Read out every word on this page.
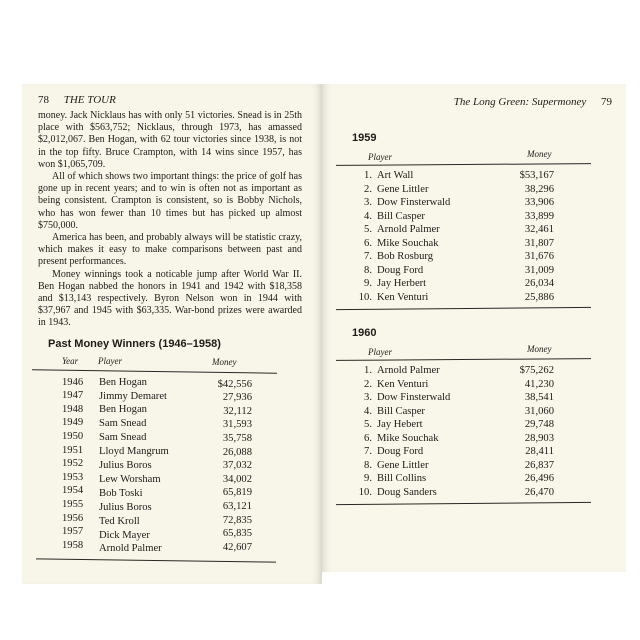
78 THE TOUR

money. Jack Nicklaus has with only 51 victories. Snead is in 25th place with $563,752; Nicklaus, through 1973, has amassed $2,012,067. Ben Hogan, with 62 tour victories since 1938, is not in the top fifty. Bruce Crampton, with 14 wins since 1957, has won $1,065,709.

All of which shows two important things: the price of golf has gone up in recent years; and to win is often not as important as being consistent. Crampton is consistent, so is Bobby Nichols, who has won fewer than 10 times but has picked up almost $750,000.

America has been, and probably always will be statistic crazy, which makes it easy to make comparisons between past and present performances.

Money winnings took a noticable jump after World War II. Ben Hogan nabbed the honors in 1941 and 1942 with $18,358 and $13,143 respectively. Byron Nelson won in 1944 with $37,967 and 1945 with $63,335. War-bond prizes were awarded in 1943.

Past Money Winners (1946–1958)
Year Player	Money
1946 Ben Hogan	$42,556
1947 Jimmy Demaret	27,936
1948 Ben Hogan	32,112
1949 Sam Snead	31,593
1950 Sam Snead	35,758
1951 Lloyd Mangrum	26,088
1952 Julius Boros	37,032
1953 Lew Worsham	34,002
1954 Bob Toski	65,819
1955 Julius Boros	63,121
1956 Ted Kroll	72,835
1957 Dick Mayer	65,835
1958 Arnold Palmer	42,607
The Long Green: Supermoney 79
1959
Player	Money
1. Art Wall	$53,167
2. Gene Littler	38,296
3. Dow Finsterwald	33,906
4. Bill Casper	33,899
5. Arnold Palmer	32,461
6. Mike Souchak	31,807
7. Bob Rosburg	31,676
8. Doug Ford	31,009
9. Jay Herbert	26,034
10. Ken Venturi	25,886
1960
Player	Money
1. Arnold Palmer	$75,262
2. Ken Venturi	41,230
3. Dow Finsterwald	38,541
4. Bill Casper	31,060
5. Jay Hebert	29,748
6. Mike Souchak	28,903
7. Doug Ford	28,411
8. Gene Littler	26,837
9. Bill Collins	26,496
10. Doug Sanders	26,470
